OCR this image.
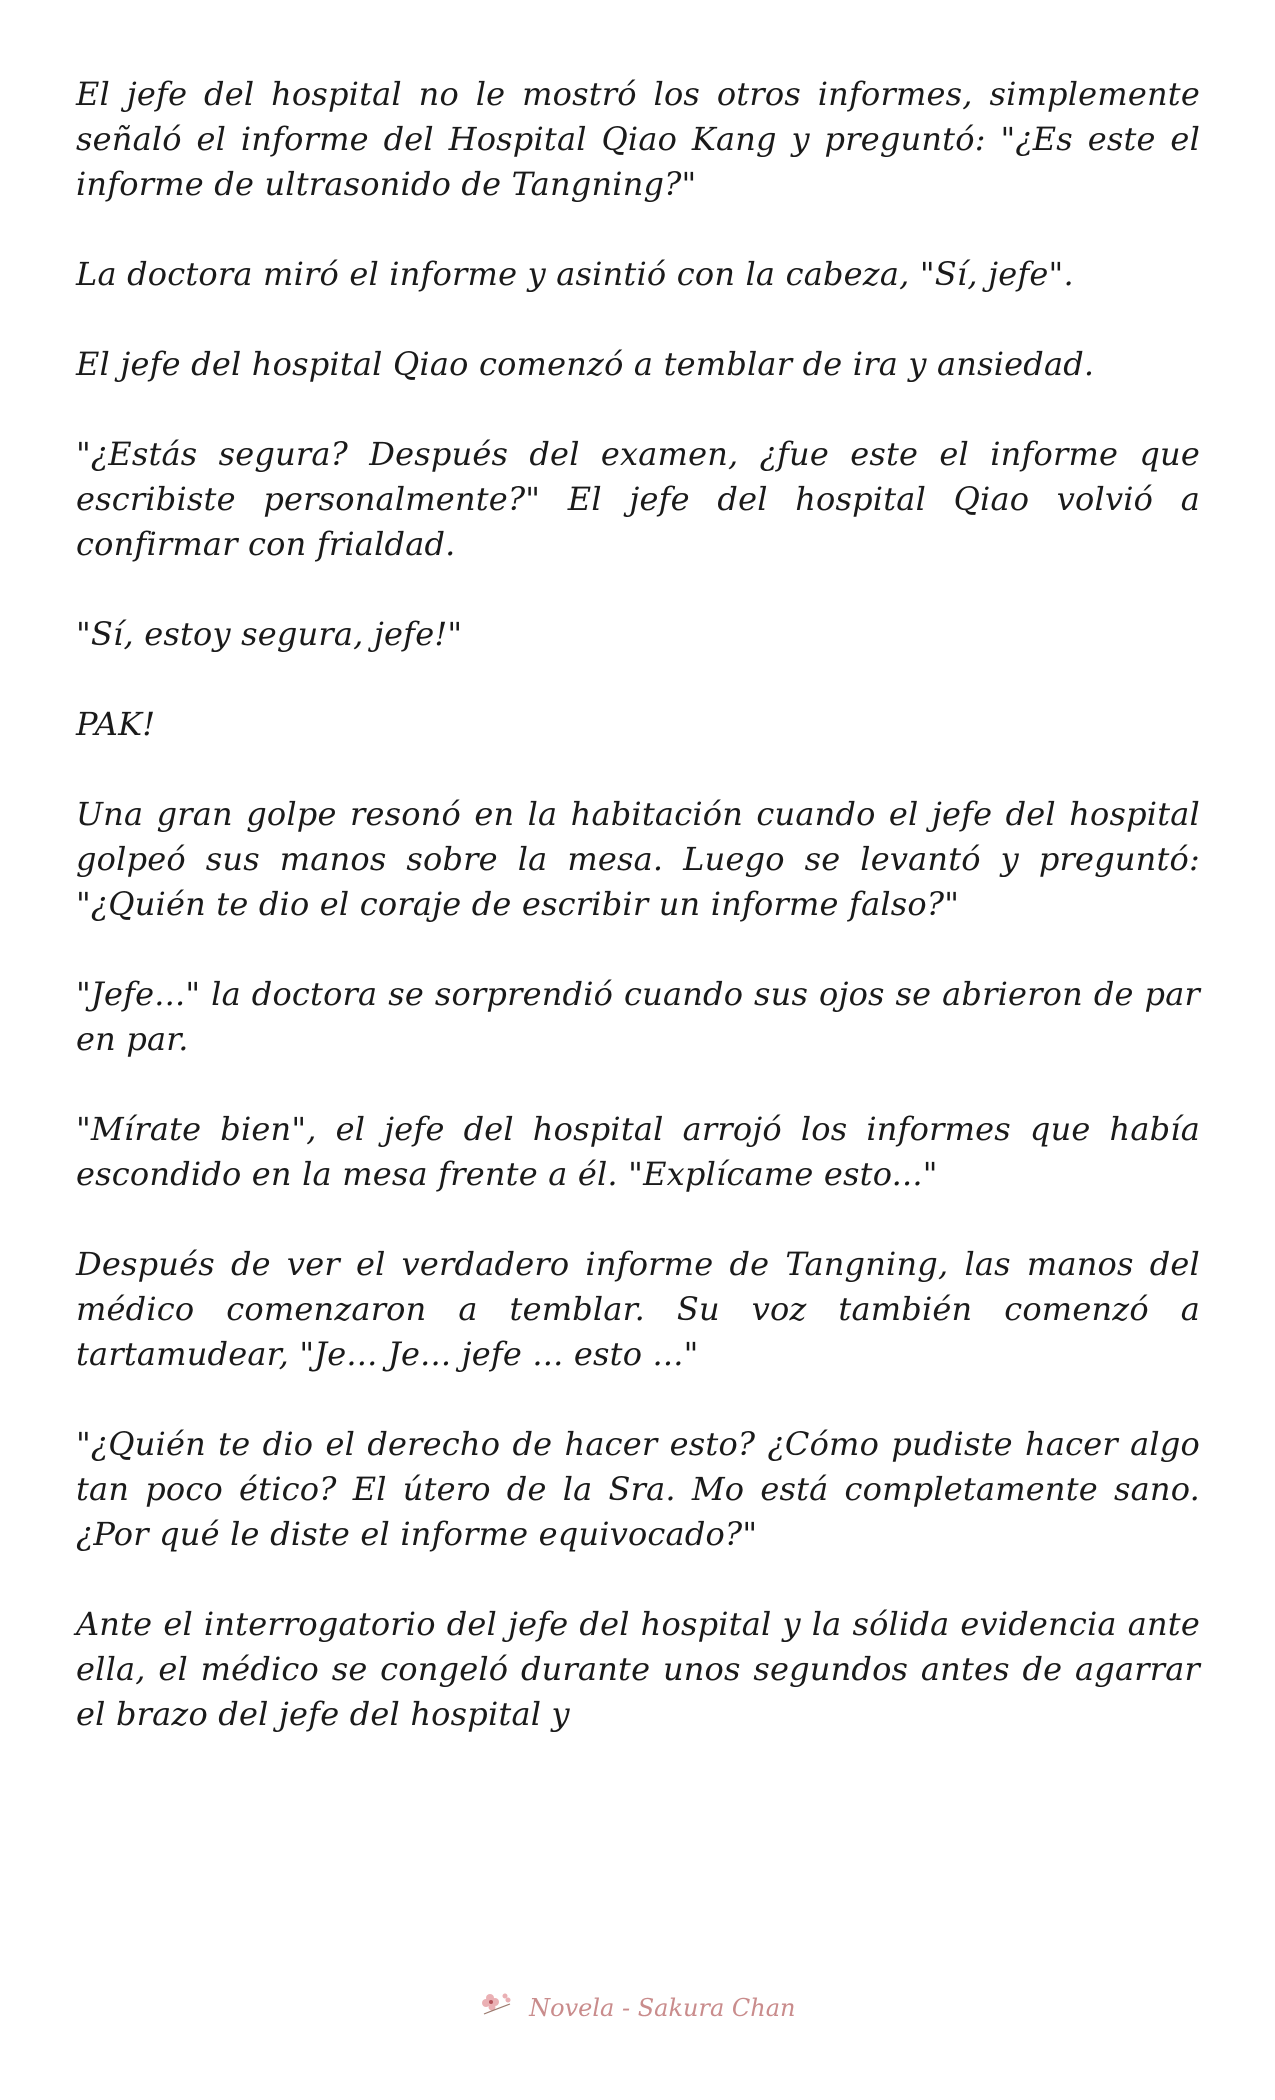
El jefe del hospital no le mostró los otros informes, simplemente señaló el informe del Hospital Qiao Kang y preguntó: "¿Es este el informe de ultrasonido de Tangning?"

La doctora miró el informe y asintió con la cabeza, "Sí, jefe".

El jefe del hospital Qiao comenzó a temblar de ira y ansiedad.

"¿Estás segura? Después del examen, ¿fue este el informe que escribiste personalmente?" El jefe del hospital Qiao volvió a confirmar con frialdad.

"Sí, estoy segura, jefe!"

PAK!

Una gran golpe resonó en la habitación cuando el jefe del hospital golpeó sus manos sobre la mesa. Luego se levantó y preguntó: "¿Quién te dio el coraje de escribir un informe falso?"

"Jefe..." la doctora se sorprendió cuando sus ojos se abrieron de par en par.

"Mírate bien", el jefe del hospital arrojó los informes que había escondido en la mesa frente a él. "Explícame esto..."

Después de ver el verdadero informe de Tangning, las manos del médico comenzaron a temblar. Su voz también comenzó a tartamudear, "Je... Je... jefe ... esto ..."

"¿Quién te dio el derecho de hacer esto? ¿Cómo pudiste hacer algo tan poco ético? El útero de la Sra. Mo está completamente sano. ¿Por qué le diste el informe equivocado?"

Ante el interrogatorio del jefe del hospital y la sólida evidencia ante ella, el médico se congeló durante unos segundos antes de agarrar el brazo del jefe del hospital y

Novela - Sakura Chan
